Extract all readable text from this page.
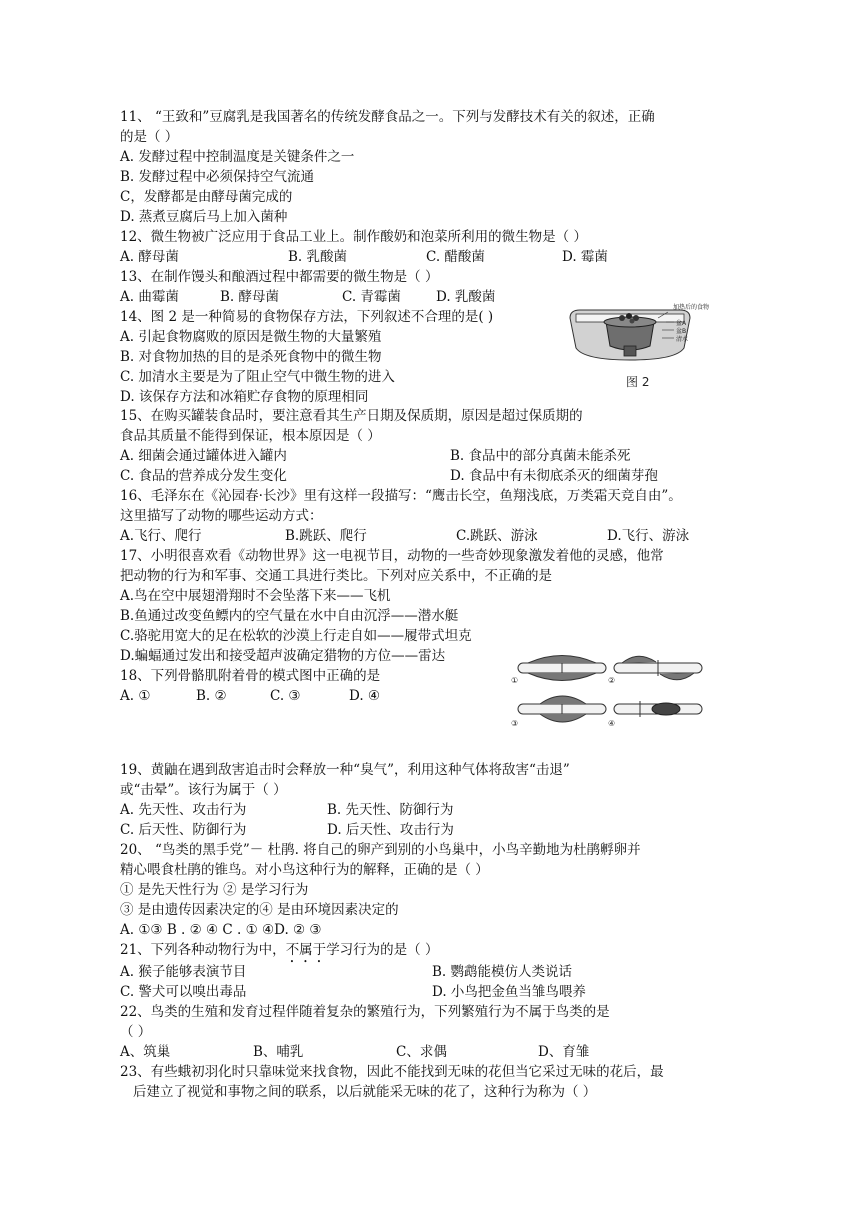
11、 “王致和”豆腐乳是我国著名的传统发酵食品之一。下列与发酵技术有关的叙述，正确
的是（ ）
A. 发酵过程中控制温度是关键条件之一
B. 发酵过程中必须保持空气流通
C，发酵都是由酵母菌完成的
D. 蒸煮豆腐后马上加入菌种
12、微生物被广泛应用于食品工业上。制作酸奶和泡菜所利用的微生物是（ ）
A. 酵母菌	B. 乳酸菌	C. 醋酸菌	D. 霉菌
13、在制作馒头和酿酒过程中都需要的微生物是（ ）
A. 曲霉菌	B. 酵母菌	C. 青霉菌	D. 乳酸菌
14、图 2 是一种简易的食物保存方法，下列叙述不合理的是( )
A. 引起食物腐败的原因是微生物的大量繁殖
B. 对食物加热的目的是杀死食物中的微生物
C. 加清水主要是为了阻止空气中微生物的进入
D. 该保存方法和冰箱贮存食物的原理相同
加热后的食物
盆A
盆B
清水
图 2
15、在购买罐装食品时，要注意看其生产日期及保质期，原因是超过保质期的
食品其质量不能得到保证，根本原因是（ ）
A. 细菌会通过罐体进入罐内	B. 食品中的部分真菌未能杀死
C. 食品的营养成分发生变化	D. 食品中有未彻底杀灭的细菌芽孢
16、毛泽东在《沁园春·长沙》里有这样一段描写：“鹰击长空，鱼翔浅底，万类霜天竞自由”。
这里描写了动物的哪些运动方式：
A.飞行、爬行	B.跳跃、爬行	C.跳跃、游泳	D.飞行、游泳
17、小明很喜欢看《动物世界》这一电视节目，动物的一些奇妙现象激发着他的灵感，他常
把动物的行为和军事、交通工具进行类比。下列对应关系中，不正确的是
A.鸟在空中展翅滑翔时不会坠落下来——飞机
B.鱼通过改变鱼鳔内的空气量在水中自由沉浮——潜水艇
C.骆驼用宽大的足在松软的沙漠上行走自如——履带式坦克
D.蝙蝠通过发出和接受超声波确定猎物的方位——雷达
18、下列骨骼肌附着骨的模式图中正确的是
A. ①	B. ②	C. ③	D. ④
①	②
③	④
19、黄鼬在遇到敌害追击时会释放一种“臭气”，利用这种气体将敌害“击退”
或“击晕”。该行为属于（ ）
A. 先天性、攻击行为	B. 先天性、防御行为
C. 后天性、防御行为	D. 后天性、攻击行为
20、 “鸟类的黑手党”－ 杜鹃. 将自己的卵产到别的小鸟巢中，小鸟辛勤地为杜鹃孵卵并
精心喂食杜鹃的锥鸟。对小鸟这种行为的解释，正确的是（ ）
① 是先天性行为 ② 是学习行为
③ 是由遗传因素决定的④ 是由环境因素决定的
A. ①③ B . ② ④ C . ① ④D. ② ③
21、下列各种动物行为中，不属于学习行为的是（ ）
A. 猴子能够表演节目	B. 鹦鹉能模仿人类说话
C. 警犬可以嗅出毒品	D. 小鸟把金鱼当雏鸟喂养
22、鸟类的生殖和发育过程伴随着复杂的繁殖行为，下列繁殖行为不属于鸟类的是
（ ）
A、筑巢	B、哺乳	C、求偶	D、育雏
23、有些蛾初羽化时只靠味觉来找食物，因此不能找到无味的花但当它采过无味的花后，最
后建立了视觉和事物之间的联系，以后就能采无味的花了，这种行为称为（ ）
